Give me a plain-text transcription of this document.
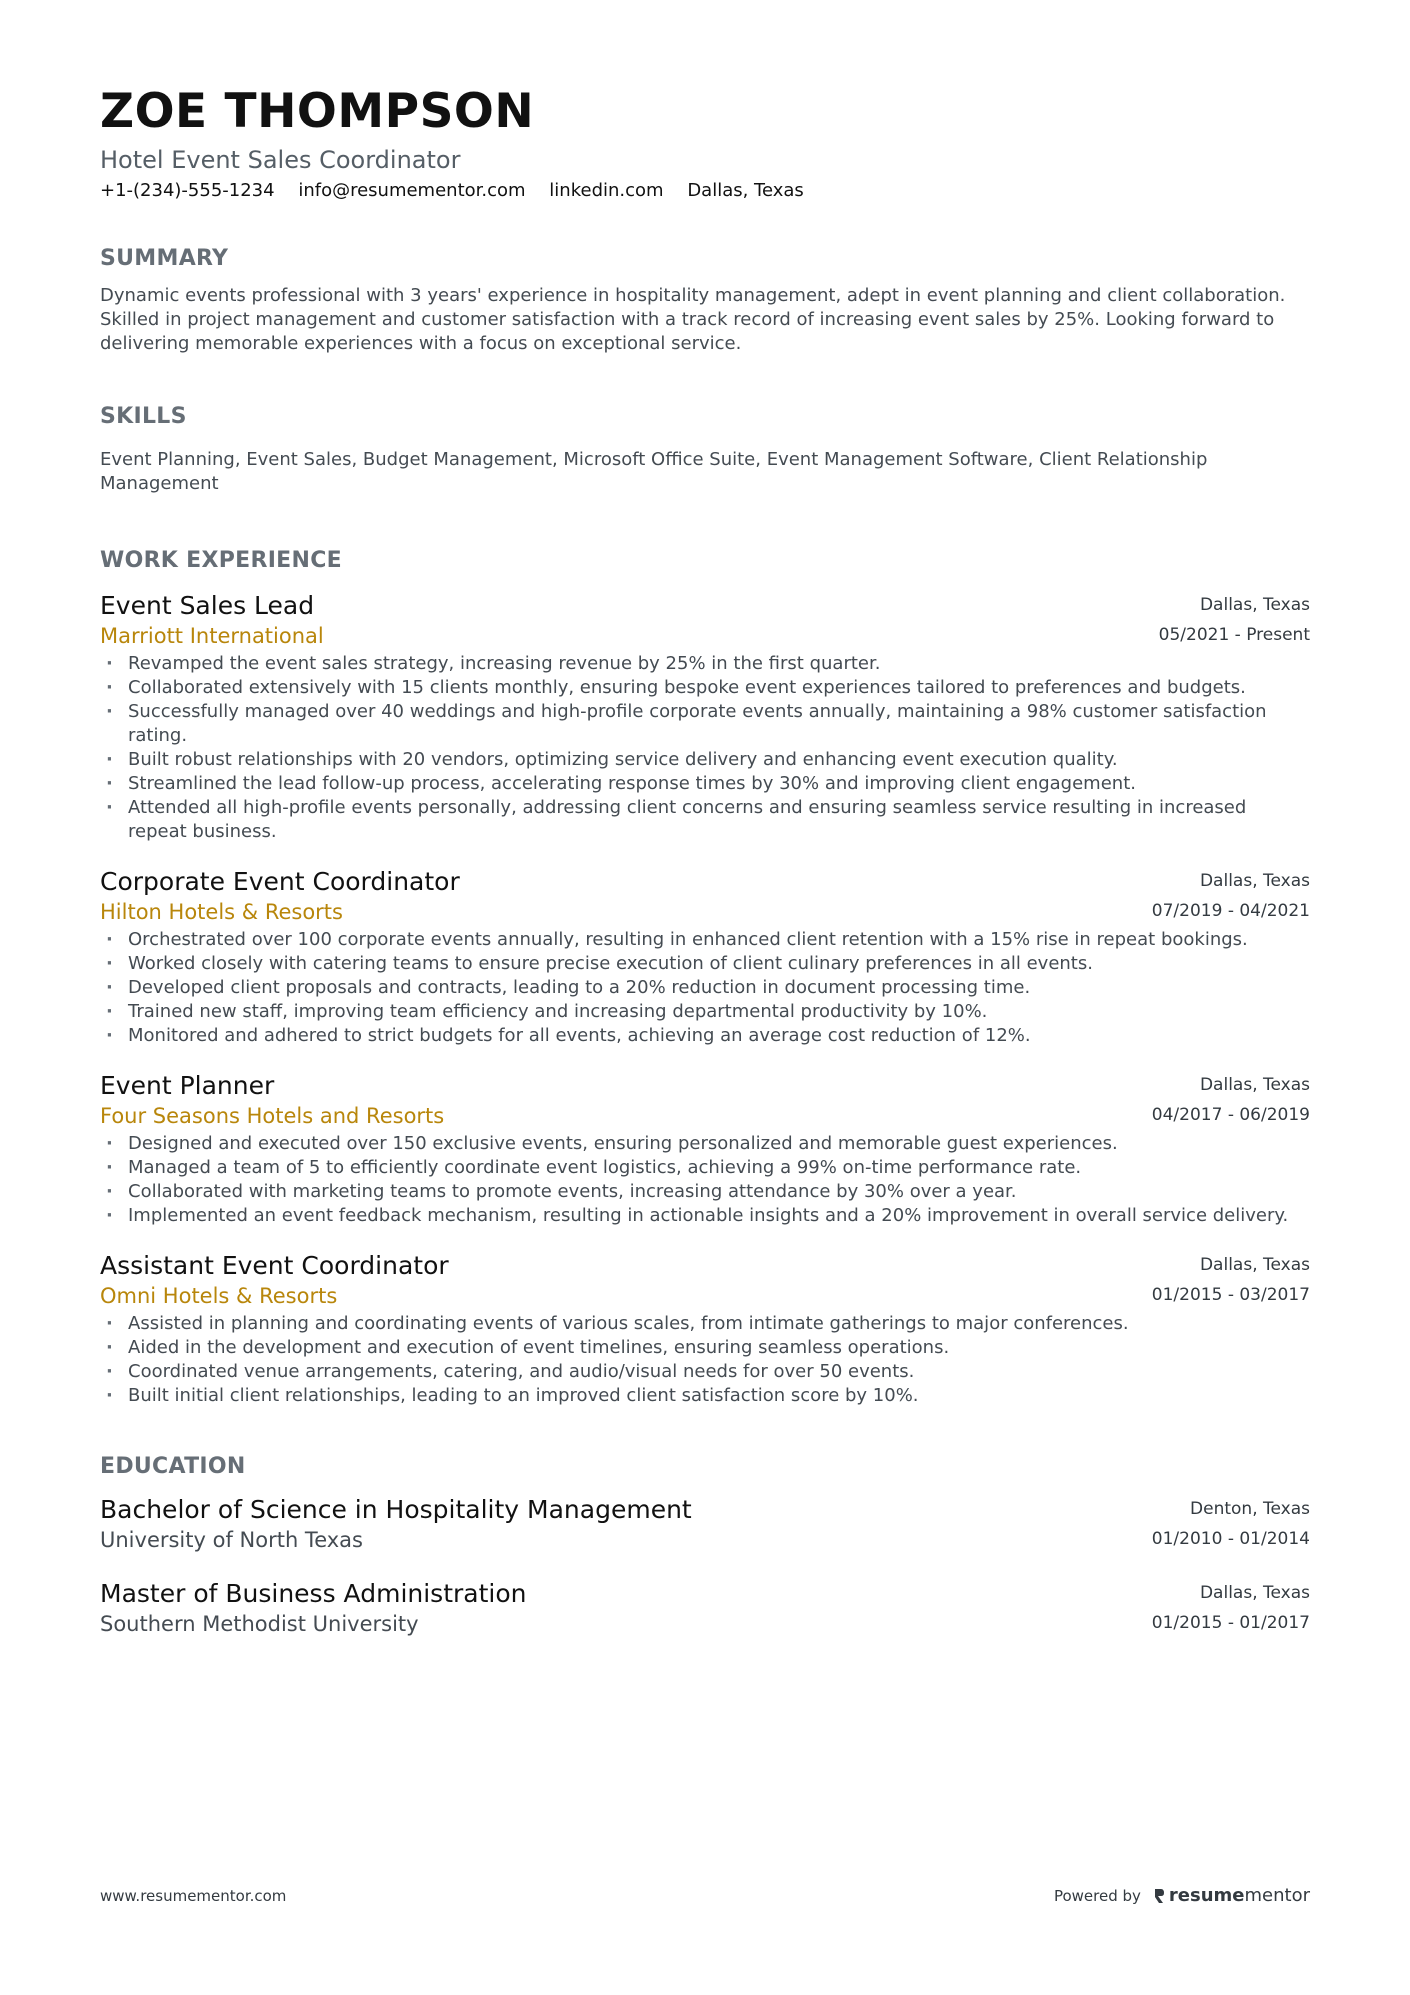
ZOE THOMPSON
Hotel Event Sales Coordinator
+1-(234)-555-1234 info@resumementor.com linkedin.com Dallas, Texas
SUMMARY
Dynamic events professional with 3 years' experience in hospitality management, adept in event planning and client collaboration. Skilled in project management and customer satisfaction with a track record of increasing event sales by 25%. Looking forward to delivering memorable experiences with a focus on exceptional service.
SKILLS
Event Planning, Event Sales, Budget Management, Microsoft Office Suite, Event Management Software, Client Relationship Management
WORK EXPERIENCE
Event Sales Lead
Marriott International
Dallas, Texas
05/2021 - Present
· Revamped the event sales strategy, increasing revenue by 25% in the first quarter.
· Collaborated extensively with 15 clients monthly, ensuring bespoke event experiences tailored to preferences and budgets.
· Successfully managed over 40 weddings and high-profile corporate events annually, maintaining a 98% customer satisfaction rating.
· Built robust relationships with 20 vendors, optimizing service delivery and enhancing event execution quality.
· Streamlined the lead follow-up process, accelerating response times by 30% and improving client engagement.
· Attended all high-profile events personally, addressing client concerns and ensuring seamless service resulting in increased repeat business.
Corporate Event Coordinator
Hilton Hotels & Resorts
Dallas, Texas
07/2019 - 04/2021
· Orchestrated over 100 corporate events annually, resulting in enhanced client retention with a 15% rise in repeat bookings.
· Worked closely with catering teams to ensure precise execution of client culinary preferences in all events.
· Developed client proposals and contracts, leading to a 20% reduction in document processing time.
· Trained new staff, improving team efficiency and increasing departmental productivity by 10%.
· Monitored and adhered to strict budgets for all events, achieving an average cost reduction of 12%.
Event Planner
Four Seasons Hotels and Resorts
Dallas, Texas
04/2017 - 06/2019
· Designed and executed over 150 exclusive events, ensuring personalized and memorable guest experiences.
· Managed a team of 5 to efficiently coordinate event logistics, achieving a 99% on-time performance rate.
· Collaborated with marketing teams to promote events, increasing attendance by 30% over a year.
· Implemented an event feedback mechanism, resulting in actionable insights and a 20% improvement in overall service delivery.
Assistant Event Coordinator
Omni Hotels & Resorts
Dallas, Texas
01/2015 - 03/2017
· Assisted in planning and coordinating events of various scales, from intimate gatherings to major conferences.
· Aided in the development and execution of event timelines, ensuring seamless operations.
· Coordinated venue arrangements, catering, and audio/visual needs for over 50 events.
· Built initial client relationships, leading to an improved client satisfaction score by 10%.
EDUCATION
Bachelor of Science in Hospitality Management
University of North Texas
Denton, Texas
01/2010 - 01/2014
Master of Business Administration
Southern Methodist University
Dallas, Texas
01/2015 - 01/2017
www.resumementor.com	Powered by resume mentor
